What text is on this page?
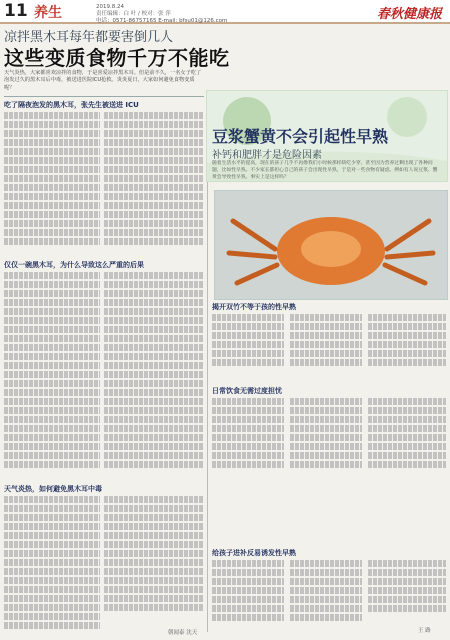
11 养生	2019.8.24
责任编辑：白 叶 / 校对：张 萍
电话：0571-86757165 E-mail: bfsu01@126.com	春秋健康报
凉拌黑木耳每年都要害倒几人
这些变质食物千万不能吃
天气炎热，大家都喜欢凉拌的食物，于是喜爱凉拌黑木耳。但是前不久，一名女子吃了泡发过久的黑木耳后中毒，被送进医院ICU抢救。炎炎夏日，大家如何避免食物变质呢？
吃了隔夜泡发的黑木耳，张先生被送进 ICU
仅仅一碗黑木耳，为什么导致这么严重的后果
天气炎热，如何避免黑木耳中毒
朝闻泰 沈天
豆浆蟹黄不会引起性早熟
补钙和肥胖才是危险因素
随着生活水平的提高，现在的孩子几乎不再像我们小时候那样缺吃少穿，甚至因为营养过剩出现了各种问题，比如性早熟。不少家长都担心自己的孩子会出现性早熟，于是对一些食物有疑虑。例如有人说豆浆、蟹黄会导致性早熟。事实上是这样吗？
揭开双竹不等于孩的性早熟
日常饮食无需过度担忧
给孩子进补反易诱发性早熟
王 路
